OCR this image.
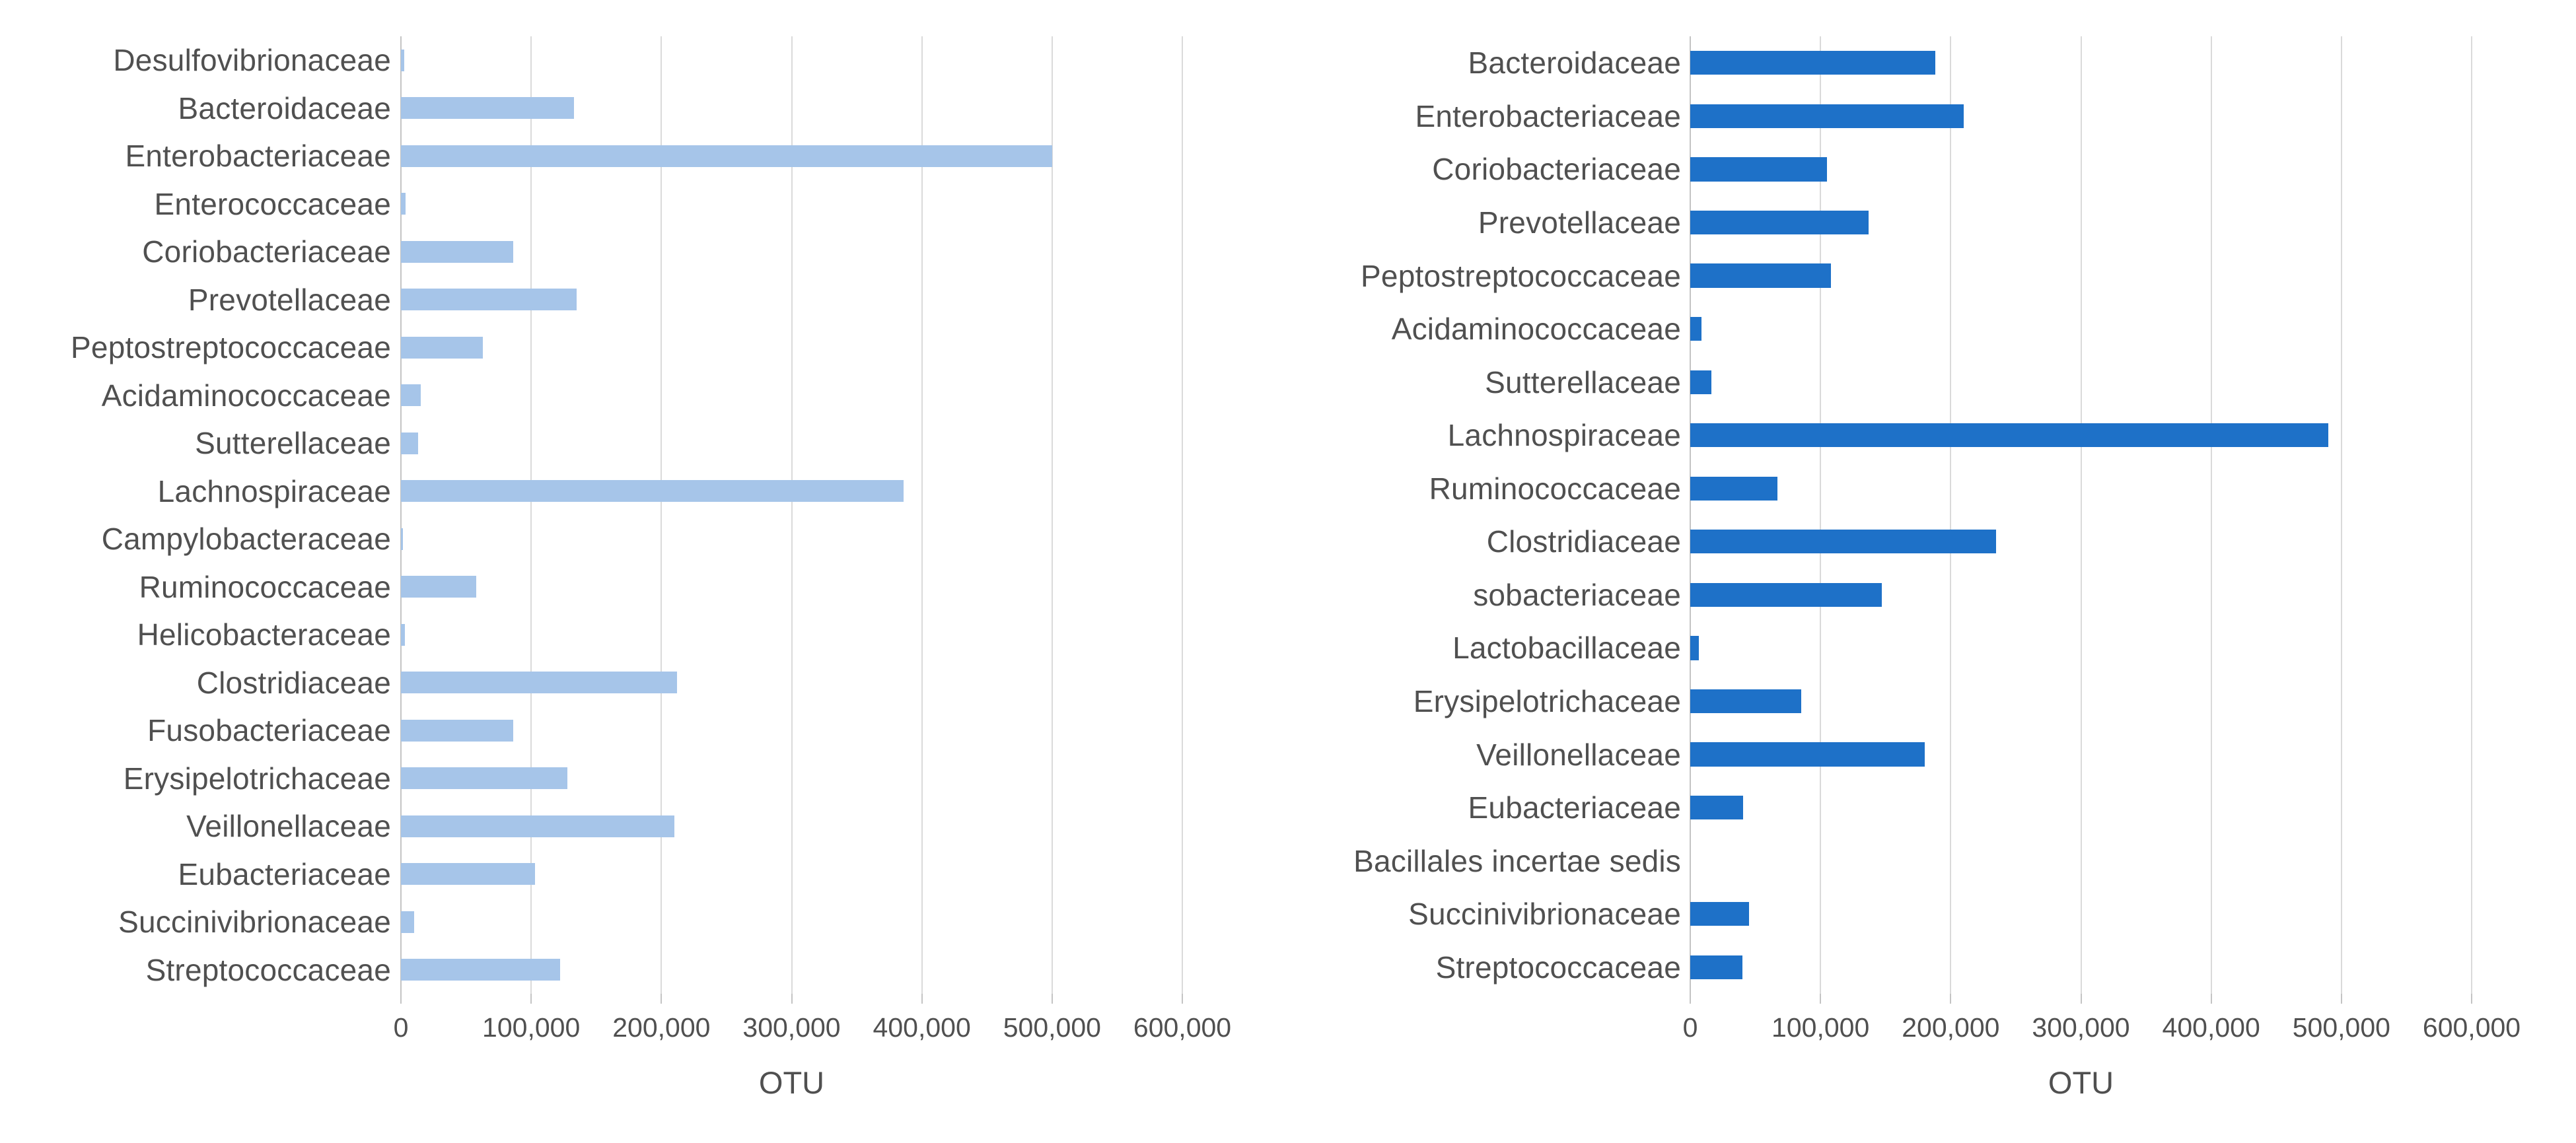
OTU
Desulfovibrionaceae
Bacteroidaceae
Enterobacteriaceae
Enterococcaceae
Coriobacteriaceae
Prevotellaceae
Peptostreptococcaceae
Acidaminococcaceae
Sutterellaceae
Lachnospiraceae
Campylobacteraceae
Ruminococcaceae
Helicobacteraceae
Clostridiaceae
Fusobacteriaceae
Erysipelotrichaceae
Veillonellaceae
Eubacteriaceae
Succinivibrionaceae
Streptococcaceae
0	100,000 200,000 300,000 400,000 500,000 600,000
OTU
Bacteroidaceae
Enterobacteriaceae
Coriobacteriaceae
Prevotellaceae
Peptostreptococcaceae
Acidaminococcaceae
Sutterellaceae
Lachnospiraceae
Ruminococcaceae
Clostridiaceae
sobacteriaceae
Lactobacillaceae
Erysipelotrichaceae
Veillonellaceae
Eubacteriaceae
Bacillales incertae sedis
Succinivibrionaceae
Streptococcaceae
0	100,000 200,000 300,000 400,000 500,000 600,000
